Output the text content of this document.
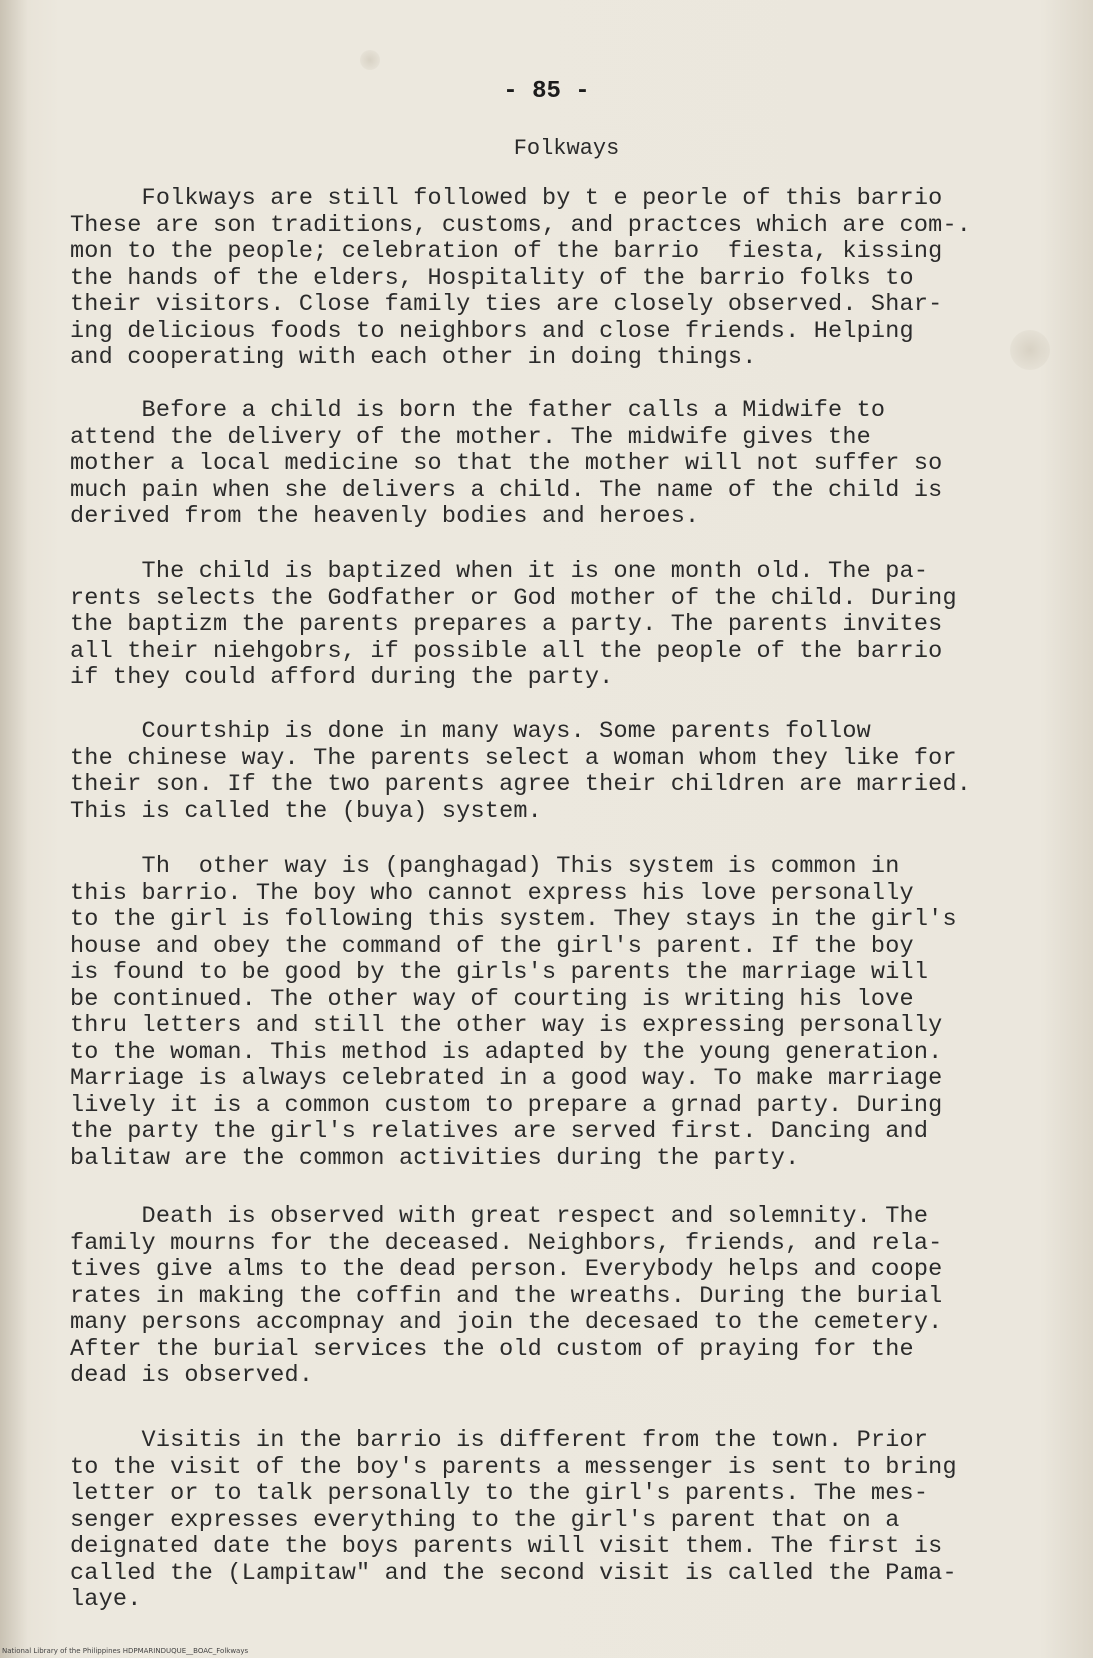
- 85 -
Folkways

Folkways are still followed by t e peorle of this barrio
These are son traditions, customs, and practces which are com-.
mon to the people; celebration of the barrio  fiesta, kissing
the hands of the elders, Hospitality of the barrio folks to
their visitors. Close family ties are closely observed. Shar-
ing delicious foods to neighbors and close friends. Helping
and cooperating with each other in doing things.

Before a child is born the father calls a Midwife to
attend the delivery of the mother. The midwife gives the
mother a local medicine so that the mother will not suffer so
much pain when she delivers a child. The name of the child is
derived from the heavenly bodies and heroes.

The child is baptized when it is one month old. The pa-
rents selects the Godfather or God mother of the child. During
the baptizm the parents prepares a party. The parents invites
all their niehgobrs, if possible all the people of the barrio
if they could afford during the party.

Courtship is done in many ways. Some parents follow
the chinese way. The parents select a woman whom they like for
their son. If the two parents agree their children are married.
This is called the (buya) system.

Th  other way is (panghagad) This system is common in
this barrio. The boy who cannot express his love personally
to the girl is following this system. They stays in the girl's
house and obey the command of the girl's parent. If the boy
is found to be good by the girls's parents the marriage will
be continued. The other way of courting is writing his love
thru letters and still the other way is expressing personally
to the woman. This method is adapted by the young generation.
Marriage is always celebrated in a good way. To make marriage
lively it is a common custom to prepare a grnad party. During
the party the girl's relatives are served first. Dancing and
balitaw are the common activities during the party.

Death is observed with great respect and solemnity. The
family mourns for the deceased. Neighbors, friends, and rela-
tives give alms to the dead person. Everybody helps and coope
rates in making the coffin and the wreaths. During the burial
many persons accompnay and join the decesaed to the cemetery.
After the burial services the old custom of praying for the
dead is observed.

Visitis in the barrio is different from the town. Prior
to the visit of the boy's parents a messenger is sent to bring
letter or to talk personally to the girl's parents. The mes-
senger expresses everything to the girl's parent that on a
deignated date the boys parents will visit them. The first is
called the (Lampitaw" and the second visit is called the Pama-
laye.

National Library of the Philippines HDPMARINDUQUE__BOAC_Folkways
